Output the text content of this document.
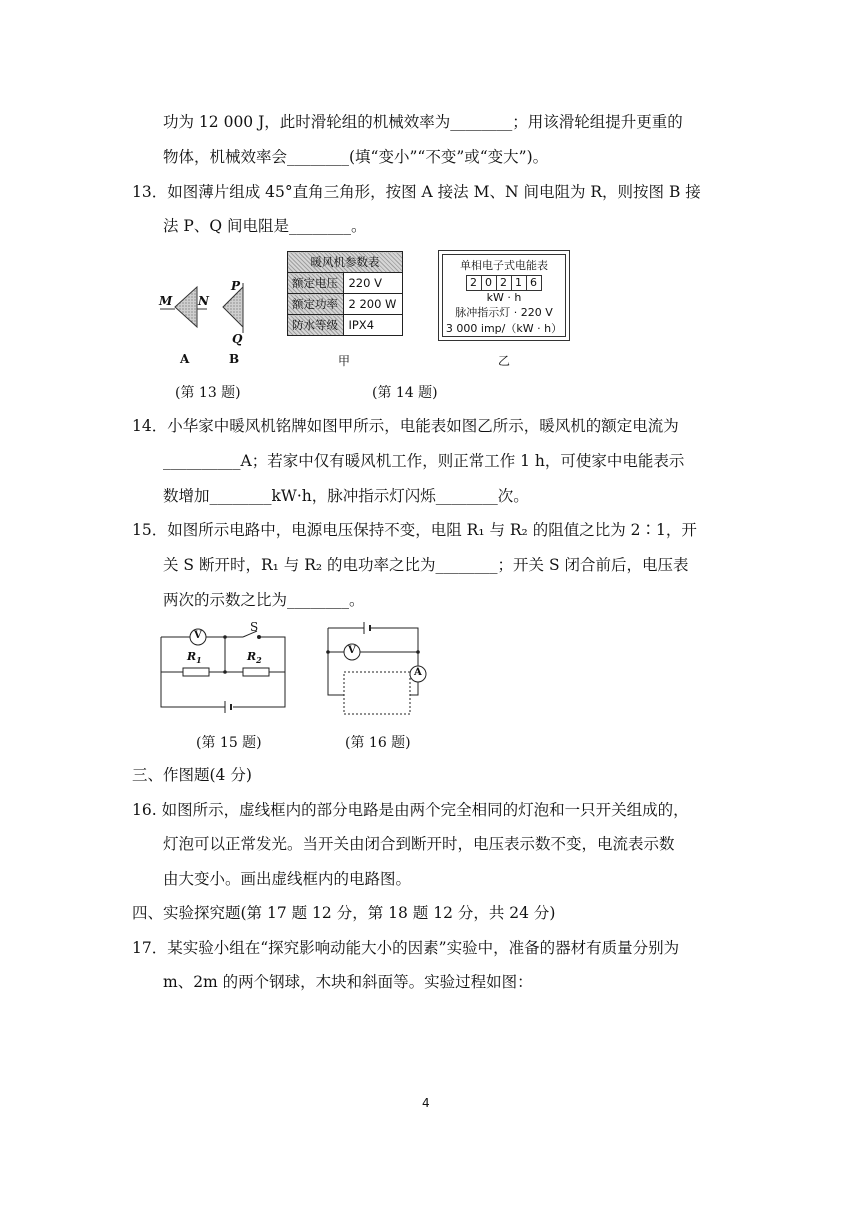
功为 12 000 J，此时滑轮组的机械效率为________；用该滑轮组提升更重的
物体，机械效率会________(填“变小”“不变”或“变大”)。
13．如图薄片组成 45°直角三角形，按图 A 接法 M、N 间电阻为 R，则按图 B 接
法 P、Q 间电阻是________。
M N
P
Q
A	B
(第 13 题)
暖风机参数表	
额定电压	220 V
额定功率	2 200 W
防水等级	IPX4
甲
单相电子式电能表
2 0 2 1 6
kW · h
脉冲指示灯 · 220 V
3 000 imp/（kW · h）
乙
(第 14 题)
14．小华家中暖风机铭牌如图甲所示，电能表如图乙所示，暖风机的额定电流为
__________A；若家中仅有暖风机工作，则正常工作 1 h，可使家中电能表示
数增加________kW·h，脉冲指示灯闪烁________次。
15．如图所示电路中，电源电压保持不变，电阻 R₁ 与 R₂ 的阻值之比为 2∶1，开
关 S 断开时，R₁ 与 R₂ 的电功率之比为________；开关 S 闭合前后，电压表
两次的示数之比为________。
V
S
$R_1$	$R_2$
(第 15 题)
V
A
(第 16 题)
三、作图题(4 分)
16. 如图所示，虚线框内的部分电路是由两个完全相同的灯泡和一只开关组成的，
灯泡可以正常发光。当开关由闭合到断开时，电压表示数不变，电流表示数
由大变小。画出虚线框内的电路图。
四、实验探究题(第 17 题 12 分，第 18 题 12 分，共 24 分)
17．某实验小组在“探究影响动能大小的因素”实验中，准备的器材有质量分别为
m、2m 的两个钢球，木块和斜面等。实验过程如图：
4
